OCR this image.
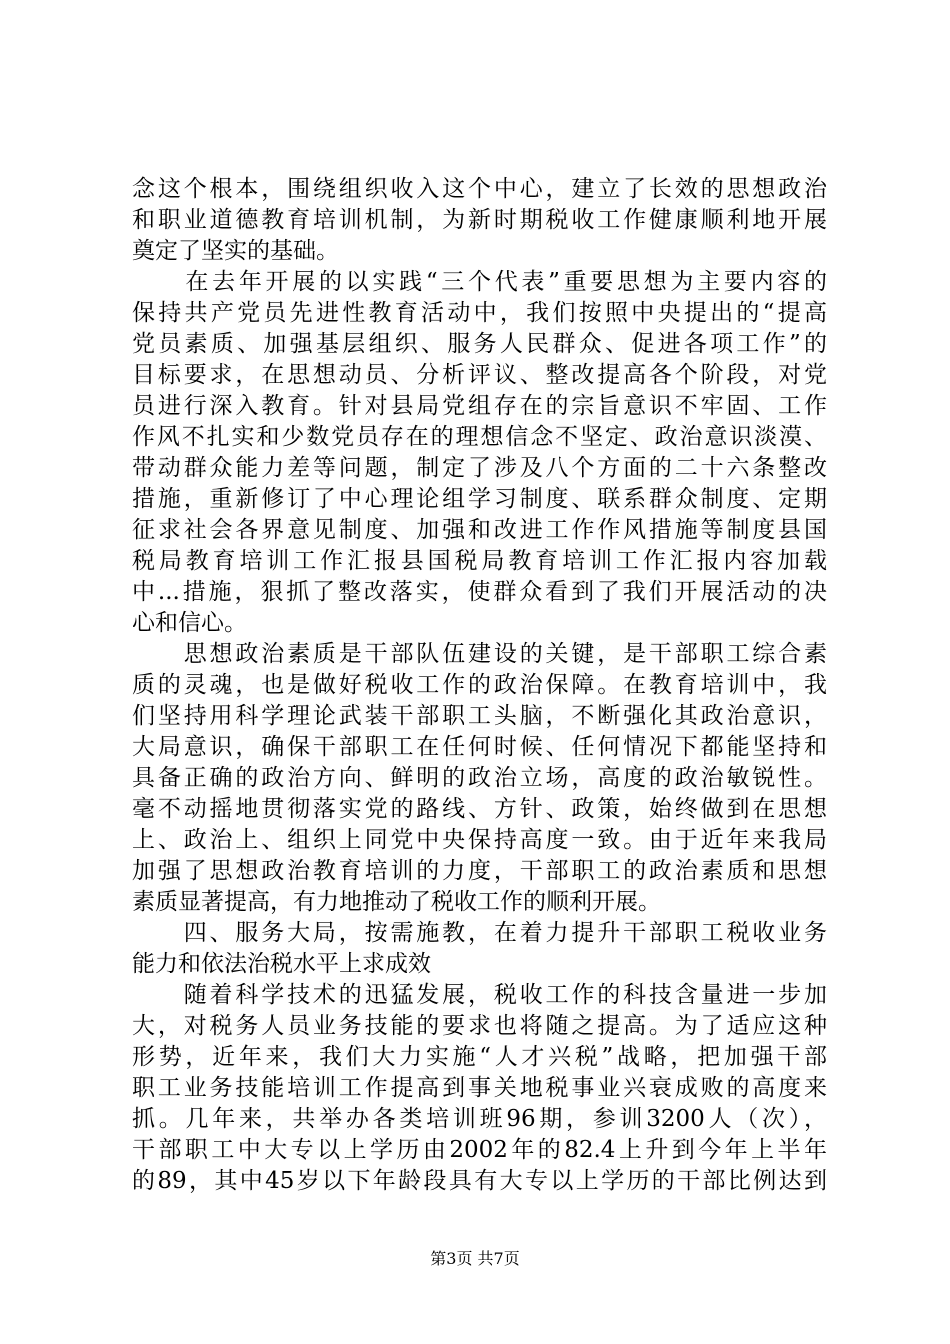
念这个根本，围绕组织收入这个中心，建立了长效的思想政治
和职业道德教育培训机制，为新时期税收工作健康顺利地开展
奠定了坚实的基础。
　　在去年开展的以实践“三个代表”重要思想为主要内容的
保持共产党员先进性教育活动中，我们按照中央提出的“提高
党员素质、加强基层组织、服务人民群众、促进各项工作”的
目标要求，在思想动员、分析评议、整改提高各个阶段，对党
员进行深入教育。针对县局党组存在的宗旨意识不牢固、工作
作风不扎实和少数党员存在的理想信念不坚定、政治意识淡漠、
带动群众能力差等问题，制定了涉及八个方面的二十六条整改
措施，重新修订了中心理论组学习制度、联系群众制度、定期
征求社会各界意见制度、加强和改进工作作风措施等制度县国
税局教育培训工作汇报县国税局教育培训工作汇报内容加载
中...措施，狠抓了整改落实，使群众看到了我们开展活动的决
心和信心。
　　思想政治素质是干部队伍建设的关键，是干部职工综合素
质的灵魂，也是做好税收工作的政治保障。在教育培训中，我
们坚持用科学理论武装干部职工头脑，不断强化其政治意识，
大局意识，确保干部职工在任何时候、任何情况下都能坚持和
具备正确的政治方向、鲜明的政治立场，高度的政治敏锐性。
毫不动摇地贯彻落实党的路线、方针、政策，始终做到在思想
上、政治上、组织上同党中央保持高度一致。由于近年来我局
加强了思想政治教育培训的力度，干部职工的政治素质和思想
素质显著提高，有力地推动了税收工作的顺利开展。
　　四、服务大局，按需施教，在着力提升干部职工税收业务
能力和依法治税水平上求成效
　　随着科学技术的迅猛发展，税收工作的科技含量进一步加
大，对税务人员业务技能的要求也将随之提高。为了适应这种
形势，近年来，我们大力实施“人才兴税”战略，把加强干部
职工业务技能培训工作提高到事关地税事业兴衰成败的高度来
抓。几年来，共举办各类培训班96期，参训3200人（次），
干部职工中大专以上学历由2002年的82.4上升到今年上半年
的89，其中45岁以下年龄段具有大专以上学历的干部比例达到
第3页 共7页
